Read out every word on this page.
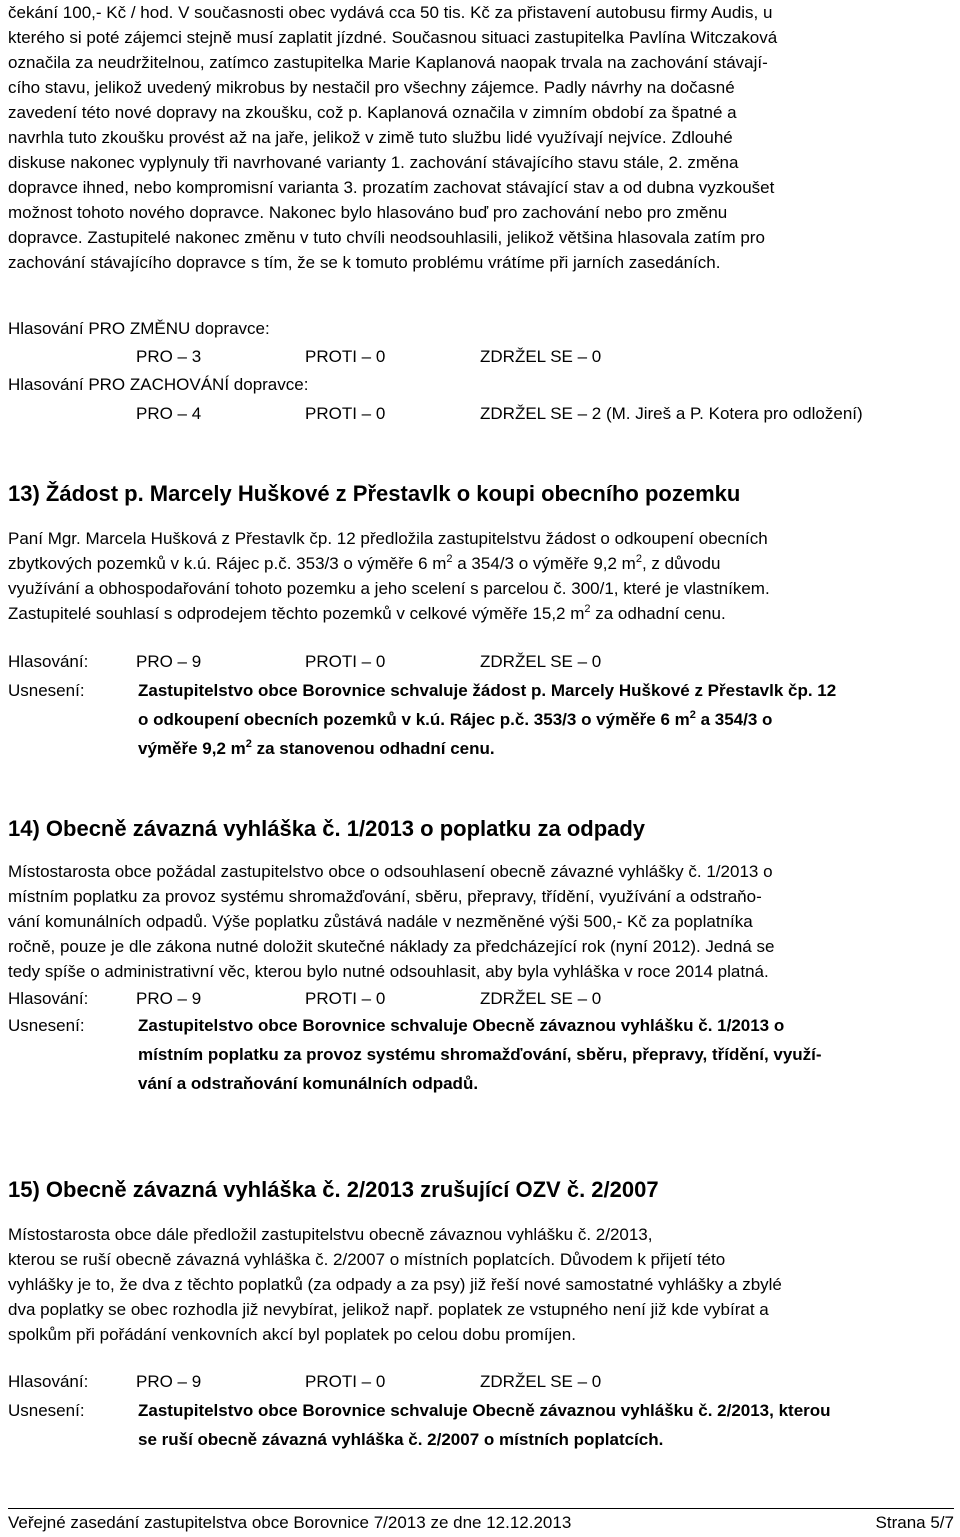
čekání 100,- Kč / hod. V současnosti obec vydává cca 50 tis. Kč za přistavení autobusu firmy Audis, u
kterého si poté zájemci stejně musí zaplatit jízdné. Současnou situaci zastupitelka Pavlína Witczaková
označila za neudržitelnou, zatímco zastupitelka Marie Kaplanová naopak trvala na zachování stávají-
cího stavu, jelikož uvedený mikrobus by nestačil pro všechny zájemce. Padly návrhy na dočasné
zavedení této nové dopravy na zkoušku, což p. Kaplanová označila v zimním období za špatné a
navrhla tuto zkoušku provést až na jaře, jelikož v zimě tuto službu lidé využívají nejvíce. Zdlouhé
diskuse nakonec vyplynuly tři navrhované varianty 1. zachování stávajícího stavu stále, 2. změna
dopravce ihned, nebo kompromisní varianta 3. prozatím zachovat stávající stav a od dubna vyzkoušet
možnost tohoto nového dopravce. Nakonec bylo hlasováno buď pro zachování nebo pro změnu
dopravce. Zastupitelé nakonec změnu v tuto chvíli neodsouhlasili, jelikož většina hlasovala zatím pro
zachování stávajícího dopravce s tím, že se k tomuto problému vrátíme při jarních zasedáních.
Hlasování PRO ZMĚNU dopravce:
PRO – 3	PROTI – 0	ZDRŽEL SE – 0
Hlasování PRO ZACHOVÁNÍ dopravce:
PRO – 4	PROTI – 0	ZDRŽEL SE – 2 (M. Jireš a P. Kotera pro odložení)
13) Žádost p. Marcely Huškové z Přestavlk o koupi obecního pozemku
Paní Mgr. Marcela Hušková z Přestavlk čp. 12 předložila zastupitelstvu žádost o odkoupení obecních
zbytkových pozemků v k.ú. Rájec p.č. 353/3 o výměře 6 $m^2$ a 354/3 o výměře 9,2 $m^2$, z důvodu
využívání a obhospodařování tohoto pozemku a jeho scelení s parcelou č. 300/1, které je vlastníkem.
Zastupitelé souhlasí s odprodejem těchto pozemků v celkové výměře 15,2 $m^2$ za odhadní cenu.
Hlasování:	PRO – 9	PROTI – 0	ZDRŽEL SE – 0
Usnesení:	Zastupitelstvo obce Borovnice schvaluje žádost p. Marcely Huškové z Přestavlk čp. 12
o odkoupení obecních pozemků v k.ú. Rájec p.č. 353/3 o výměře 6 $m^2$ a 354/3 o
výměře 9,2 $m^2$ za stanovenou odhadní cenu.
14) Obecně závazná vyhláška č. 1/2013 o poplatku za odpady
Místostarosta obce požádal zastupitelstvo obce o odsouhlasení obecně závazné vyhlášky č. 1/2013 o
místním poplatku za provoz systému shromažďování, sběru, přepravy, třídění, využívání a odstraňo-
vání komunálních odpadů. Výše poplatku zůstává nadále v nezměněné výši 500,- Kč za poplatníka
ročně, pouze je dle zákona nutné doložit skutečné náklady za předcházející rok (nyní 2012). Jedná se
tedy spíše o administrativní věc, kterou bylo nutné odsouhlasit, aby byla vyhláška v roce 2014 platná.
Hlasování:	PRO – 9	PROTI – 0	ZDRŽEL SE – 0
Usnesení:	Zastupitelstvo obce Borovnice schvaluje Obecně závaznou vyhlášku č. 1/2013 o
místním poplatku za provoz systému shromažďování, sběru, přepravy, třídění, využí-
vání a odstraňování komunálních odpadů.
15) Obecně závazná vyhláška č. 2/2013 zrušující OZV č. 2/2007
Místostarosta obce dále předložil zastupitelstvu obecně závaznou vyhlášku č. 2/2013,
kterou se ruší obecně závazná vyhláška č. 2/2007 o místních poplatcích. Důvodem k přijetí této
vyhlášky je to, že dva z těchto poplatků (za odpady a za psy) již řeší nové samostatné vyhlášky a zbylé
dva poplatky se obec rozhodla již nevybírat, jelikož např. poplatek ze vstupného není již kde vybírat a
spolkům při pořádání venkovních akcí byl poplatek po celou dobu promíjen.
Hlasování:	PRO – 9	PROTI – 0	ZDRŽEL SE – 0
Usnesení:	Zastupitelstvo obce Borovnice schvaluje Obecně závaznou vyhlášku č. 2/2013, kterou
se ruší obecně závazná vyhláška č. 2/2007 o místních poplatcích.
Veřejné zasedání zastupitelstva obce Borovnice 7/2013 ze dne 12.12.2013	Strana 5/7
